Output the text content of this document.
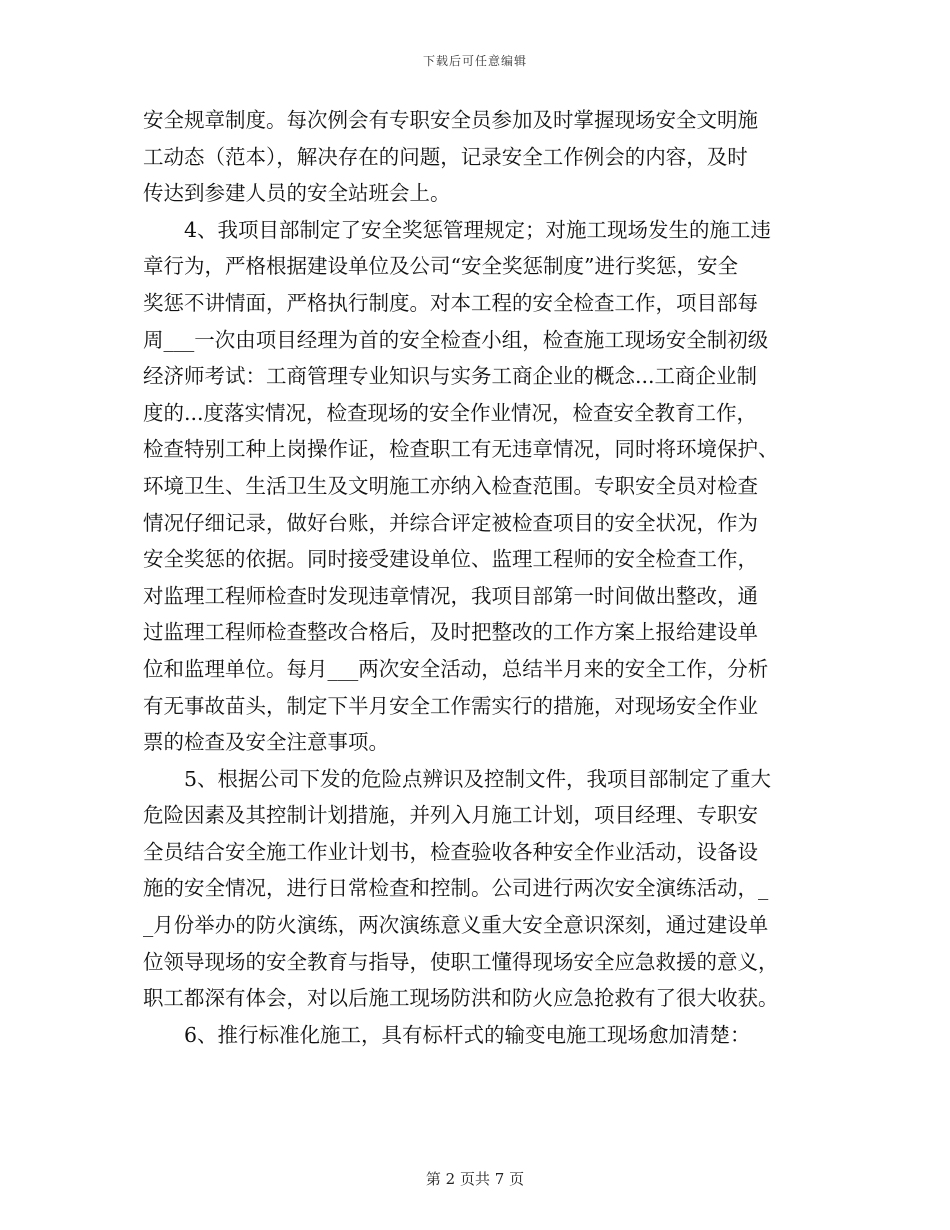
下载后可任意编辑
安全规章制度。每次例会有专职安全员参加及时掌握现场安全文明施
工动态（范本），解决存在的问题，记录安全工作例会的内容，及时
传达到参建人员的安全站班会上。
4、我项目部制定了安全奖惩管理规定；对施工现场发生的施工违
章行为，严格根据建设单位及公司“安全奖惩制度”进行奖惩，安全
奖惩不讲情面，严格执行制度。对本工程的安全检查工作，项目部每
周___一次由项目经理为首的安全检查小组，检查施工现场安全制初级
经济师考试：工商管理专业知识与实务工商企业的概念...工商企业制
度的...度落实情况，检查现场的安全作业情况，检查安全教育工作，
检查特别工种上岗操作证，检查职工有无违章情况，同时将环境保护、
环境卫生、生活卫生及文明施工亦纳入检查范围。专职安全员对检查
情况仔细记录，做好台账，并综合评定被检查项目的安全状况，作为
安全奖惩的依据。同时接受建设单位、监理工程师的安全检查工作，
对监理工程师检查时发现违章情况，我项目部第一时间做出整改，通
过监理工程师检查整改合格后，及时把整改的工作方案上报给建设单
位和监理单位。每月___两次安全活动，总结半月来的安全工作，分析
有无事故苗头，制定下半月安全工作需实行的措施，对现场安全作业
票的检查及安全注意事项。
5、根据公司下发的危险点辨识及控制文件，我项目部制定了重大
危险因素及其控制计划措施，并列入月施工计划，项目经理、专职安
全员结合安全施工作业计划书，检查验收各种安全作业活动，设备设
施的安全情况，进行日常检查和控制。公司进行两次安全演练活动，_
_月份举办的防火演练，两次演练意义重大安全意识深刻，通过建设单
位领导现场的安全教育与指导，使职工懂得现场安全应急救援的意义，
职工都深有体会，对以后施工现场防洪和防火应急抢救有了很大收获。
6、推行标准化施工，具有标杆式的输变电施工现场愈加清楚：
第 2 页共 7 页
